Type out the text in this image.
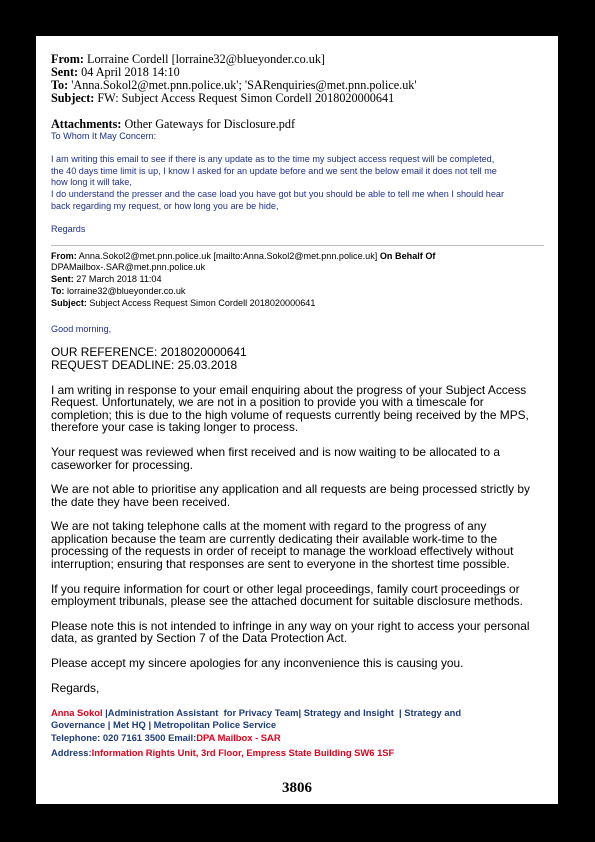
From: Lorraine Cordell [lorraine32@blueyonder.co.uk]
Sent: 04 April 2018 14:10
To: 'Anna.Sokol2@met.pnn.police.uk'; 'SARenquiries@met.pnn.police.uk'
Subject: FW: Subject Access Request Simon Cordell 2018020000641
Attachments: Other Gateways for Disclosure.pdf
To Whom It May Concern:
I am writing this email to see if there is any update as to the time my subject access request will be completed,
the 40 days time limit is up, I know I asked for an update before and we sent the below email it does not tell me
how long it will take,
I do understand the presser and the case load you have got but you should be able to tell me when I should hear
back regarding my request, or how long you are be hide,
Regards
From: Anna.Sokol2@met.pnn.police.uk [mailto:Anna.Sokol2@met.pnn.police.uk] On Behalf Of
DPAMailbox-.SAR@met.pnn.police.uk
Sent: 27 March 2018 11:04
To: lorraine32@blueyonder.co.uk
Subject: Subject Access Request Simon Cordell 2018020000641
Good morning,
OUR REFERENCE: 2018020000641
REQUEST DEADLINE: 25.03.2018
I am writing in response to your email enquiring about the progress of your Subject Access
Request. Unfortunately, we are not in a position to provide you with a timescale for
completion; this is due to the high volume of requests currently being received by the MPS,
therefore your case is taking longer to process.
Your request was reviewed when first received and is now waiting to be allocated to a
caseworker for processing.
We are not able to prioritise any application and all requests are being processed strictly by
the date they have been received.
We are not taking telephone calls at the moment with regard to the progress of any
application because the team are currently dedicating their available work-time to the
processing of the requests in order of receipt to manage the workload effectively without
interruption; ensuring that responses are sent to everyone in the shortest time possible.
If you require information for court or other legal proceedings, family court proceedings or
employment tribunals, please see the attached document for suitable disclosure methods.
Please note this is not intended to infringe in any way on your right to access your personal
data, as granted by Section 7 of the Data Protection Act.
Please accept my sincere apologies for any inconvenience this is causing you.
Regards,
Anna Sokol |Administration Assistant  for Privacy Team| Strategy and Insight  | Strategy and
Governance | Met HQ | Metropolitan Police Service
Telephone: 020 7161 3500 Email:DPA Mailbox - SAR
Address:Information Rights Unit, 3rd Floor, Empress State Building SW6 1SF
3806
